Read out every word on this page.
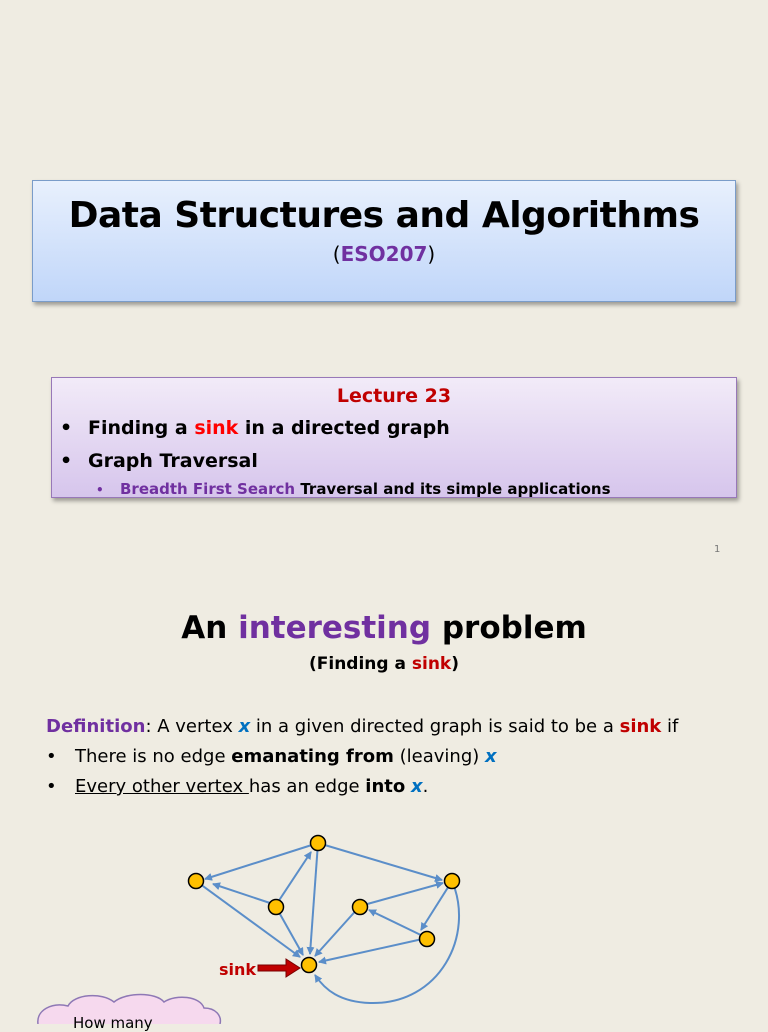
Data Structures and Algorithms
(ESO207)
Lecture 23
• Finding a sink in a directed graph
• Graph Traversal
• Breadth First Search Traversal and its simple applications
1
An interesting problem
(Finding a sink)
Definition: A vertex x in a given directed graph is said to be a sink if
• There is no edge emanating from (leaving) x
• Every other vertex has an edge into x.
sink
How many
